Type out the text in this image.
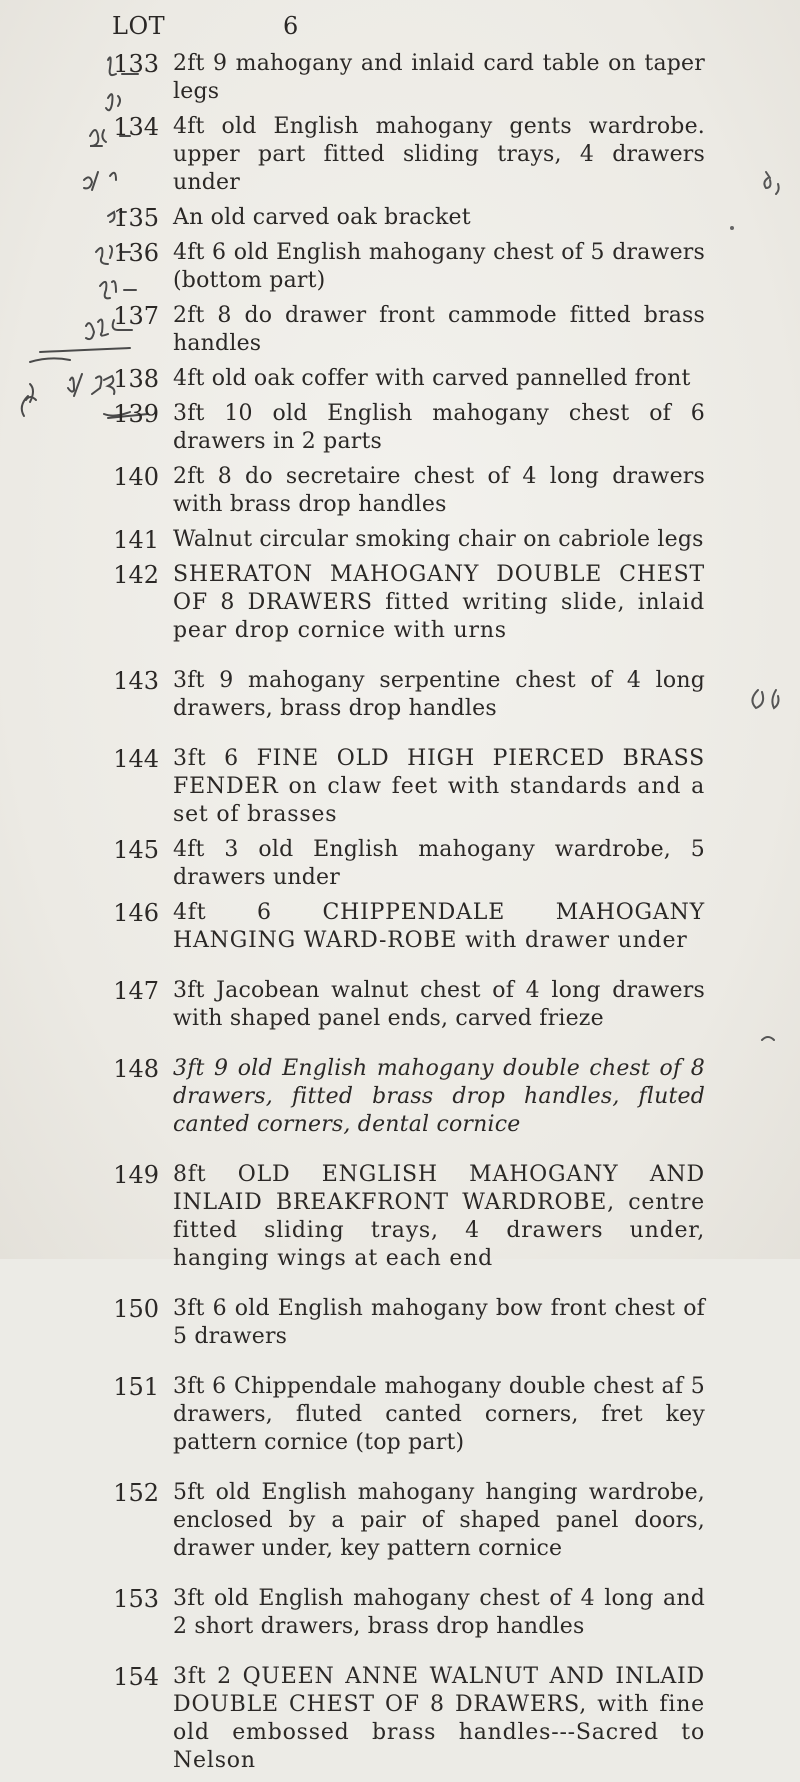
LOT	6
133 2ft 9 mahogany and inlaid card table on taper legs
134 4ft old English mahogany gents wardrobe. upper part fitted sliding trays, 4 drawers under
135 An old carved oak bracket
136 4ft 6 old English mahogany chest of 5 drawers (bottom part)
137 2ft 8 do drawer front cammode fitted brass handles
138 4ft old oak coffer with carved pannelled front
139 3ft 10 old English mahogany chest of 6 drawers in 2 parts
140 2ft 8 do secretaire chest of 4 long drawers with brass drop handles
141 Walnut circular smoking chair on cabriole legs
142 SHERATON MAHOGANY DOUBLE CHEST OF 8 DRAWERS fitted writing slide, inlaid pear drop cornice with urns
143 3ft 9 mahogany serpentine chest of 4 long drawers, brass drop handles
144 3ft 6 FINE OLD HIGH PIERCED BRASS FENDER on claw feet with standards and a set of brasses
145 4ft 3 old English mahogany wardrobe, 5 drawers under
146 4ft 6 CHIPPENDALE MAHOGANY HANGING WARD-ROBE with drawer under
147 3ft Jacobean walnut chest of 4 long drawers with shaped panel ends, carved frieze
148 3ft 9 old English mahogany double chest of 8 drawers, fitted brass drop handles, fluted canted corners, dental cornice
149 8ft OLD ENGLISH MAHOGANY AND INLAID BREAKFRONT WARDROBE, centre fitted sliding trays, 4 drawers under, hanging wings at each end
150 3ft 6 old English mahogany bow front chest of 5 drawers
151 3ft 6 Chippendale mahogany double chest af 5 drawers, fluted canted corners, fret key pattern cornice (top part)
152 5ft old English mahogany hanging wardrobe, enclosed by a pair of shaped panel doors, drawer under, key pattern cornice
153 3ft old English mahogany chest of 4 long and 2 short drawers, brass drop handles
154 3ft 2 QUEEN ANNE WALNUT AND INLAID DOUBLE CHEST OF 8 DRAWERS, with fine old embossed brass handles---Sacred to Nelson
